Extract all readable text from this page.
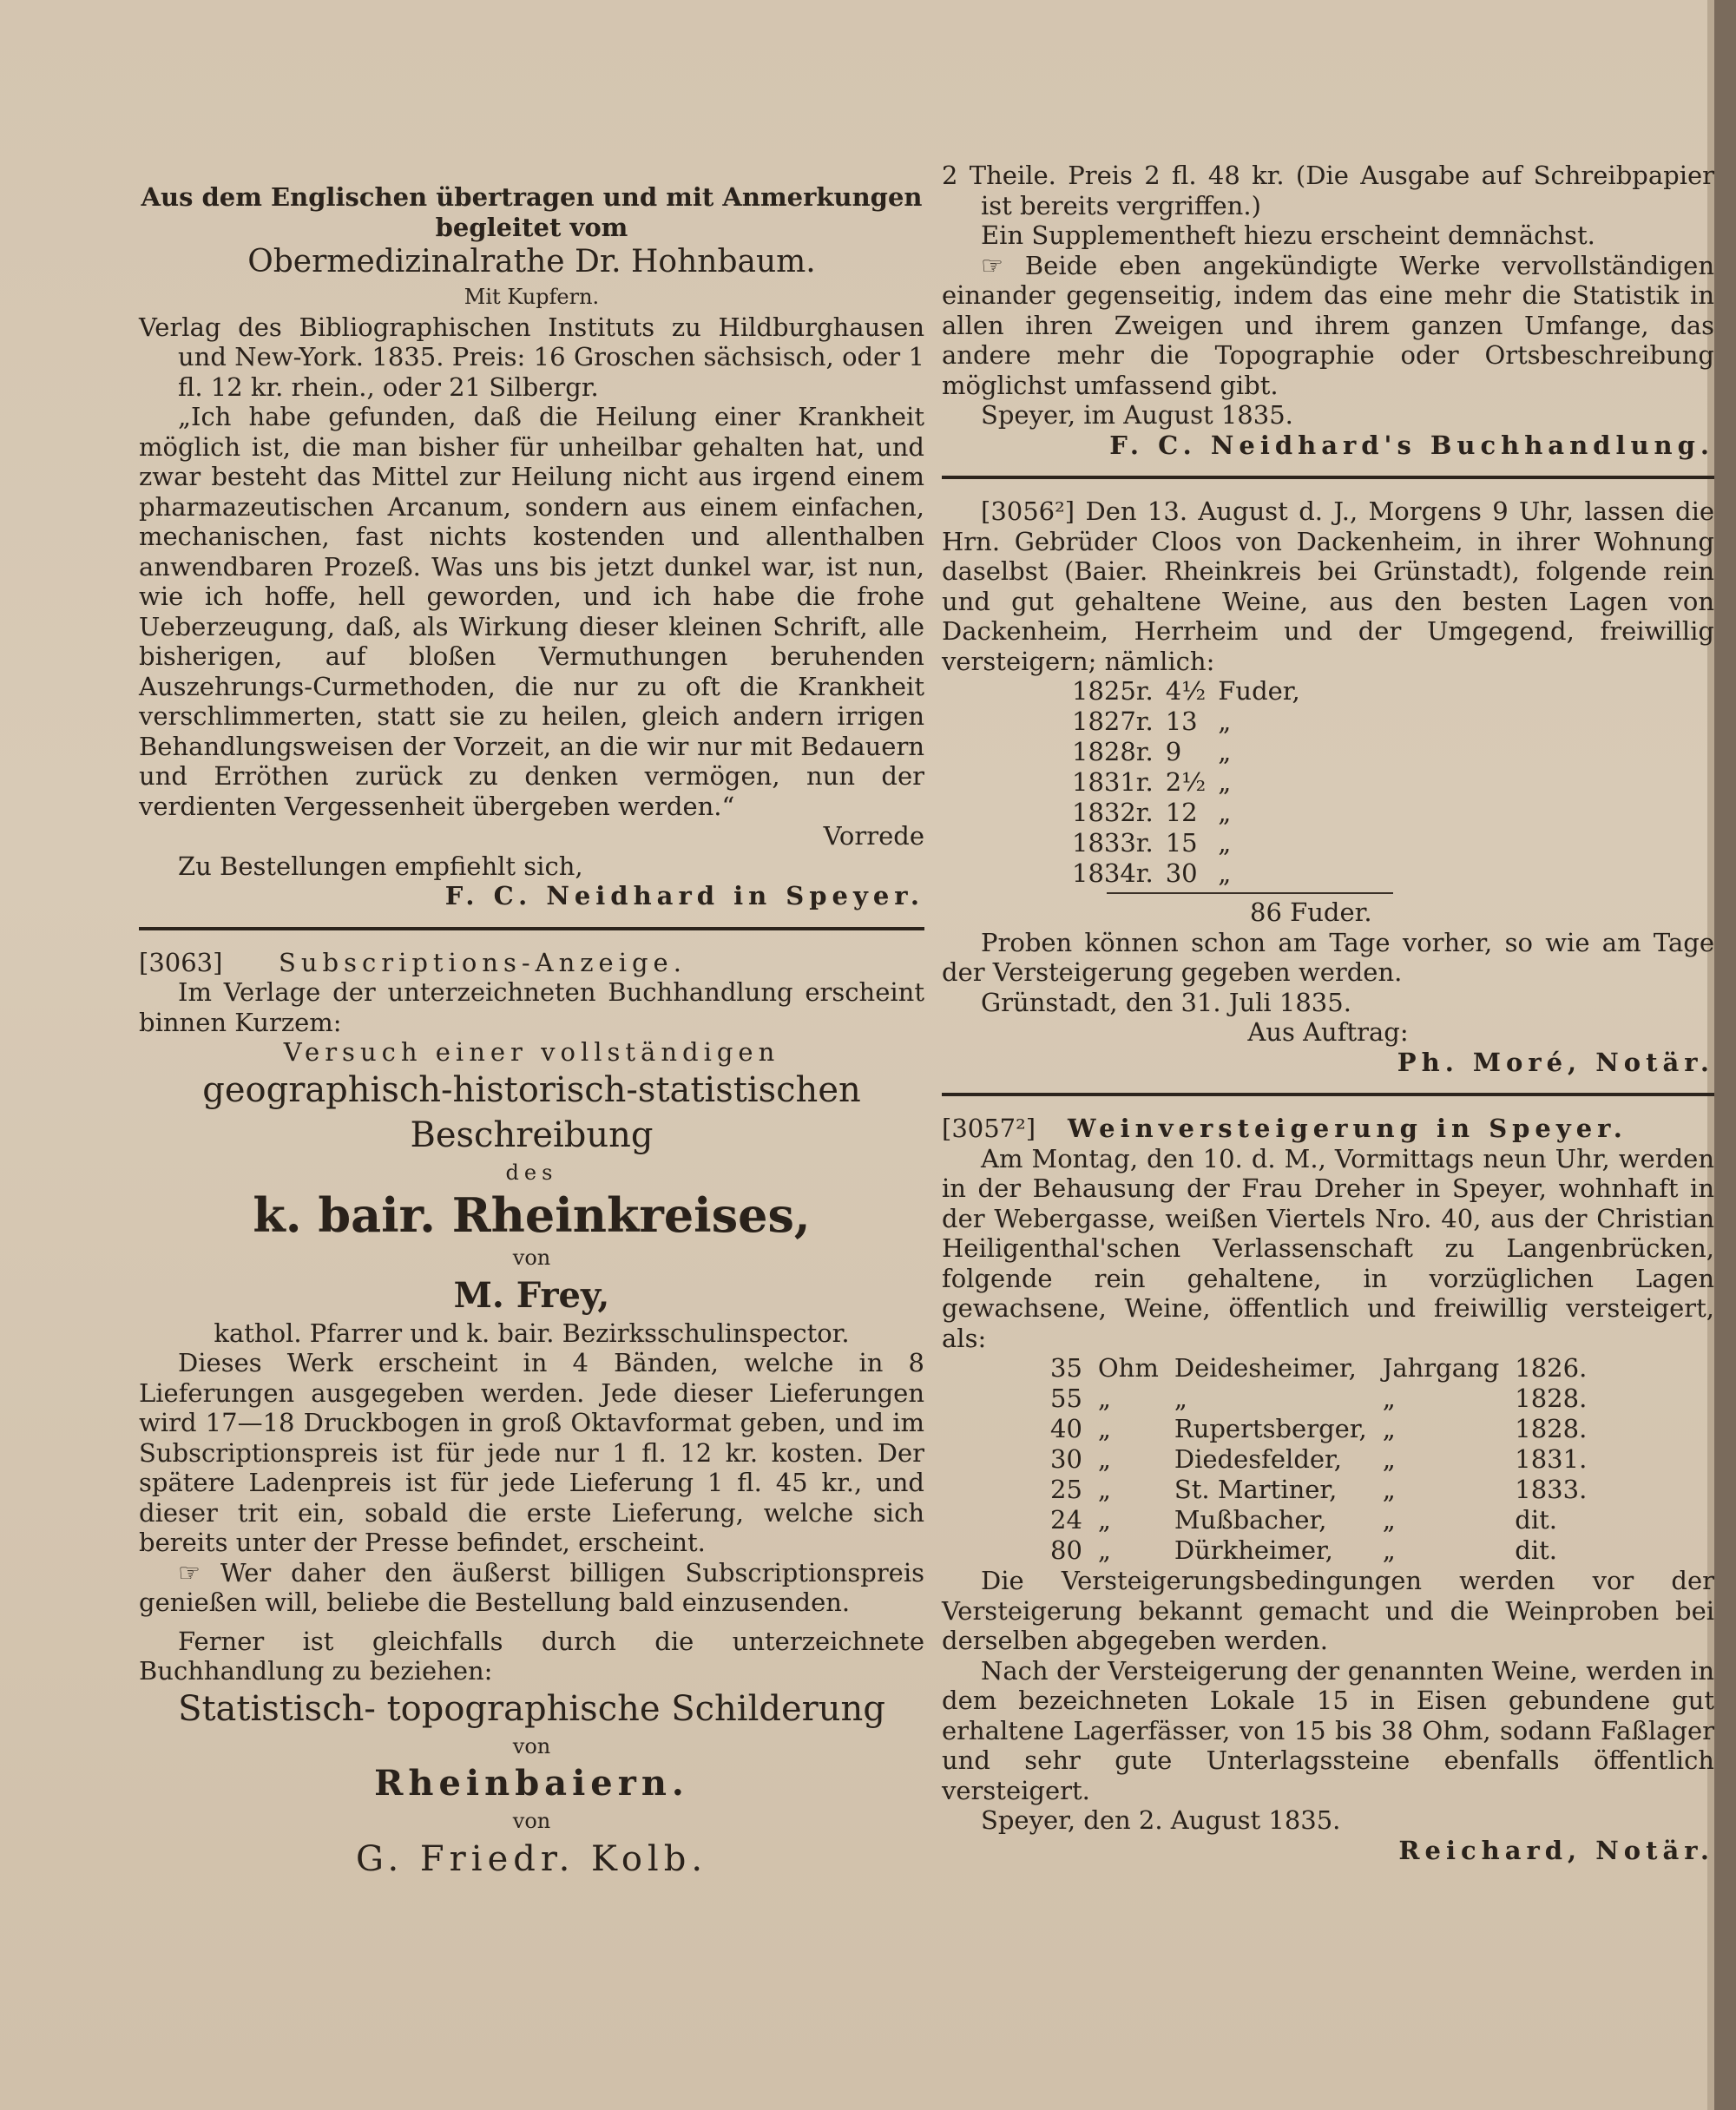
Aus dem Englischen übertragen und mit Anmerkungen

begleitet vom

Obermedizinalrathe Dr. Hohnbaum.

Mit Kupfern.

Verlag des Bibliographischen Instituts zu Hildburghausen und New-York. 1835. Preis: 16 Groschen sächsisch, oder 1 fl. 12 kr. rhein., oder 21 Silbergr.

„Ich habe gefunden, daß die Heilung einer Krankheit möglich ist, die man bisher für unheilbar gehalten hat, und zwar besteht das Mittel zur Heilung nicht aus irgend einem pharmazeutischen Arcanum, sondern aus einem einfachen, mechanischen, fast nichts kostenden und allenthalben anwendbaren Prozeß. Was uns bis jetzt dunkel war, ist nun, wie ich hoffe, hell geworden, und ich habe die frohe Ueberzeugung, daß, als Wirkung dieser kleinen Schrift, alle bisherigen, auf bloßen Vermuthungen beruhenden Auszehrungs-Curmethoden, die nur zu oft die Krankheit verschlimmerten, statt sie zu heilen, gleich andern irrigen Behandlungsweisen der Vorzeit, an die wir nur mit Bedauern und Erröthen zurück zu denken vermögen, nun der verdienten Vergessenheit übergeben werden.“

Vorrede

Zu Bestellungen empfiehlt sich,

F. C. Neidhard in Speyer.

[3063] Subscriptions-Anzeige.

Im Verlage der unterzeichneten Buchhandlung erscheint binnen Kurzem:

Versuch einer vollständigen

geographisch-historisch-statistischen Beschreibung

des

k. bair. Rheinkreises,

von

M. Frey,

kathol. Pfarrer und k. bair. Bezirksschulinspector.

Dieses Werk erscheint in 4 Bänden, welche in 8 Lieferungen ausgegeben werden. Jede dieser Lieferungen wird 17—18 Druckbogen in groß Oktavformat geben, und im Subscriptionspreis ist für jede nur 1 fl. 12 kr. kosten. Der spätere Ladenpreis ist für jede Lieferung 1 fl. 45 kr., und dieser trit ein, sobald die erste Lieferung, welche sich bereits unter der Presse befindet, erscheint.

☞ Wer daher den äußerst billigen Subscriptionspreis genießen will, beliebe die Bestellung bald einzusenden.

Ferner ist gleichfalls durch die unterzeichnete Buchhandlung zu beziehen:

Statistisch- topographische Schilderung

von

Rheinbaiern.

von

G. Friedr. Kolb.

2 Theile. Preis 2 fl. 48 kr. (Die Ausgabe auf Schreibpapier ist bereits vergriffen.)

Ein Supplementheft hiezu erscheint demnächst.

☞ Beide eben angekündigte Werke vervollständigen einander gegenseitig, indem das eine mehr die Statistik in allen ihren Zweigen und ihrem ganzen Umfange, das andere mehr die Topographie oder Ortsbeschreibung möglichst umfassend gibt.

Speyer, im August 1835.

F. C. Neidhard's Buchhandlung.

[3056²] Den 13. August d. J., Morgens 9 Uhr, lassen die Hrn. Gebrüder Cloos von Dackenheim, in ihrer Wohnung daselbst (Baier. Rheinkreis bei Grünstadt), folgende rein und gut gehaltene Weine, aus den besten Lagen von Dackenheim, Herrheim und der Umgegend, freiwillig versteigern; nämlich:

1825r.	4½	Fuder,
1827r.	13	„
1828r.	9	„
1831r.	2½	„
1832r.	12	„
1833r.	15	„
1834r.	30	„

86 Fuder.

Proben können schon am Tage vorher, so wie am Tage der Versteigerung gegeben werden.

Grünstadt, den 31. Juli 1835.

Aus Auftrag:

Ph. Moré, Notär.

[3057²] Weinversteigerung in Speyer.

Am Montag, den 10. d. M., Vormittags neun Uhr, werden in der Behausung der Frau Dreher in Speyer, wohnhaft in der Webergasse, weißen Viertels Nro. 40, aus der Christian Heiligenthal'schen Verlassenschaft zu Langenbrücken, folgende rein gehaltene, in vorzüglichen Lagen gewachsene, Weine, öffentlich und freiwillig versteigert, als:

35	Ohm	Deidesheimer,	Jahrgang	1826.
55	„	„	„	1828.
40	„	Rupertsberger,	„	1828.
30	„	Diedesfelder,	„	1831.
25	„	St. Martiner,	„	1833.
24	„	Mußbacher,	„	dit.
80	„	Dürkheimer,	„	dit.

Die Versteigerungsbedingungen werden vor der Versteigerung bekannt gemacht und die Weinproben bei derselben abgegeben werden.

Nach der Versteigerung der genannten Weine, werden in dem bezeichneten Lokale 15 in Eisen gebundene gut erhaltene Lagerfässer, von 15 bis 38 Ohm, sodann Faßlager und sehr gute Unterlagssteine ebenfalls öffentlich versteigert.

Speyer, den 2. August 1835.

Reichard, Notär.
